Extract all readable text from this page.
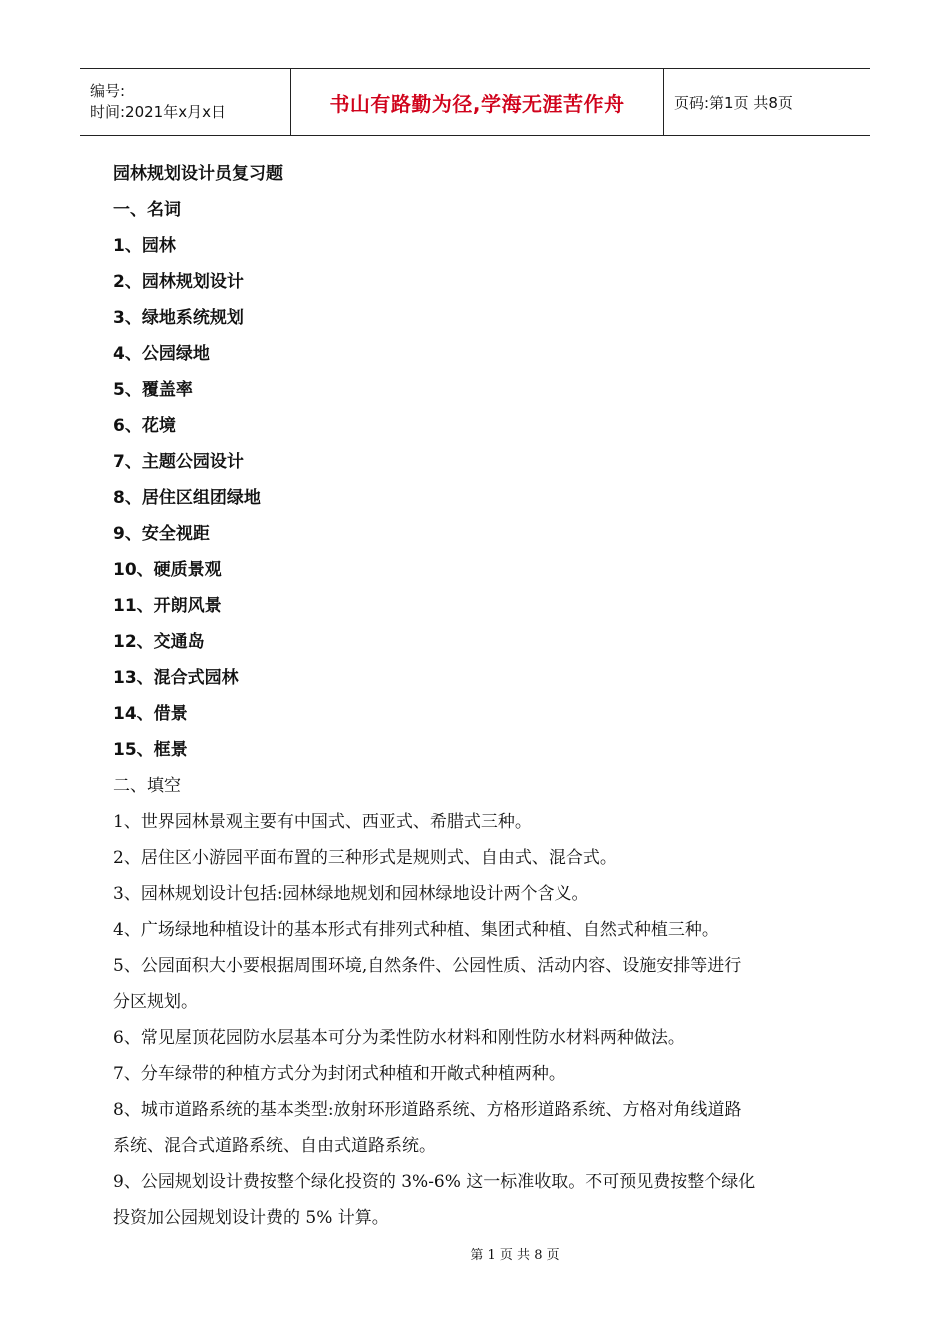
编号:
时间:2021年x月x日	书山有路勤为径,学海无涯苦作舟	页码:第1页 共8页
园林规划设计员复习题
一、名词
1、园林
2、园林规划设计
3、绿地系统规划
4、公园绿地
5、覆盖率
6、花境
7、主题公园设计
8、居住区组团绿地
9、安全视距
10、硬质景观
11、开朗风景
12、交通岛
13、混合式园林
14、借景
15、框景
二、填空
1、世界园林景观主要有中国式、西亚式、希腊式三种。
2、居住区小游园平面布置的三种形式是规则式、自由式、混合式。
3、园林规划设计包括:园林绿地规划和园林绿地设计两个含义。
4、广场绿地种植设计的基本形式有排列式种植、集团式种植、自然式种植三种。
5、公园面积大小要根据周围环境,自然条件、公园性质、活动内容、设施安排等进行
分区规划。
6、常见屋顶花园防水层基本可分为柔性防水材料和刚性防水材料两种做法。
7、分车绿带的种植方式分为封闭式种植和开敞式种植两种。
8、城市道路系统的基本类型:放射环形道路系统、方格形道路系统、方格对角线道路
系统、混合式道路系统、自由式道路系统。
9、公园规划设计费按整个绿化投资的 3%-6% 这一标准收取。不可预见费按整个绿化
投资加公园规划设计费的 5% 计算。
第 1 页 共 8 页
